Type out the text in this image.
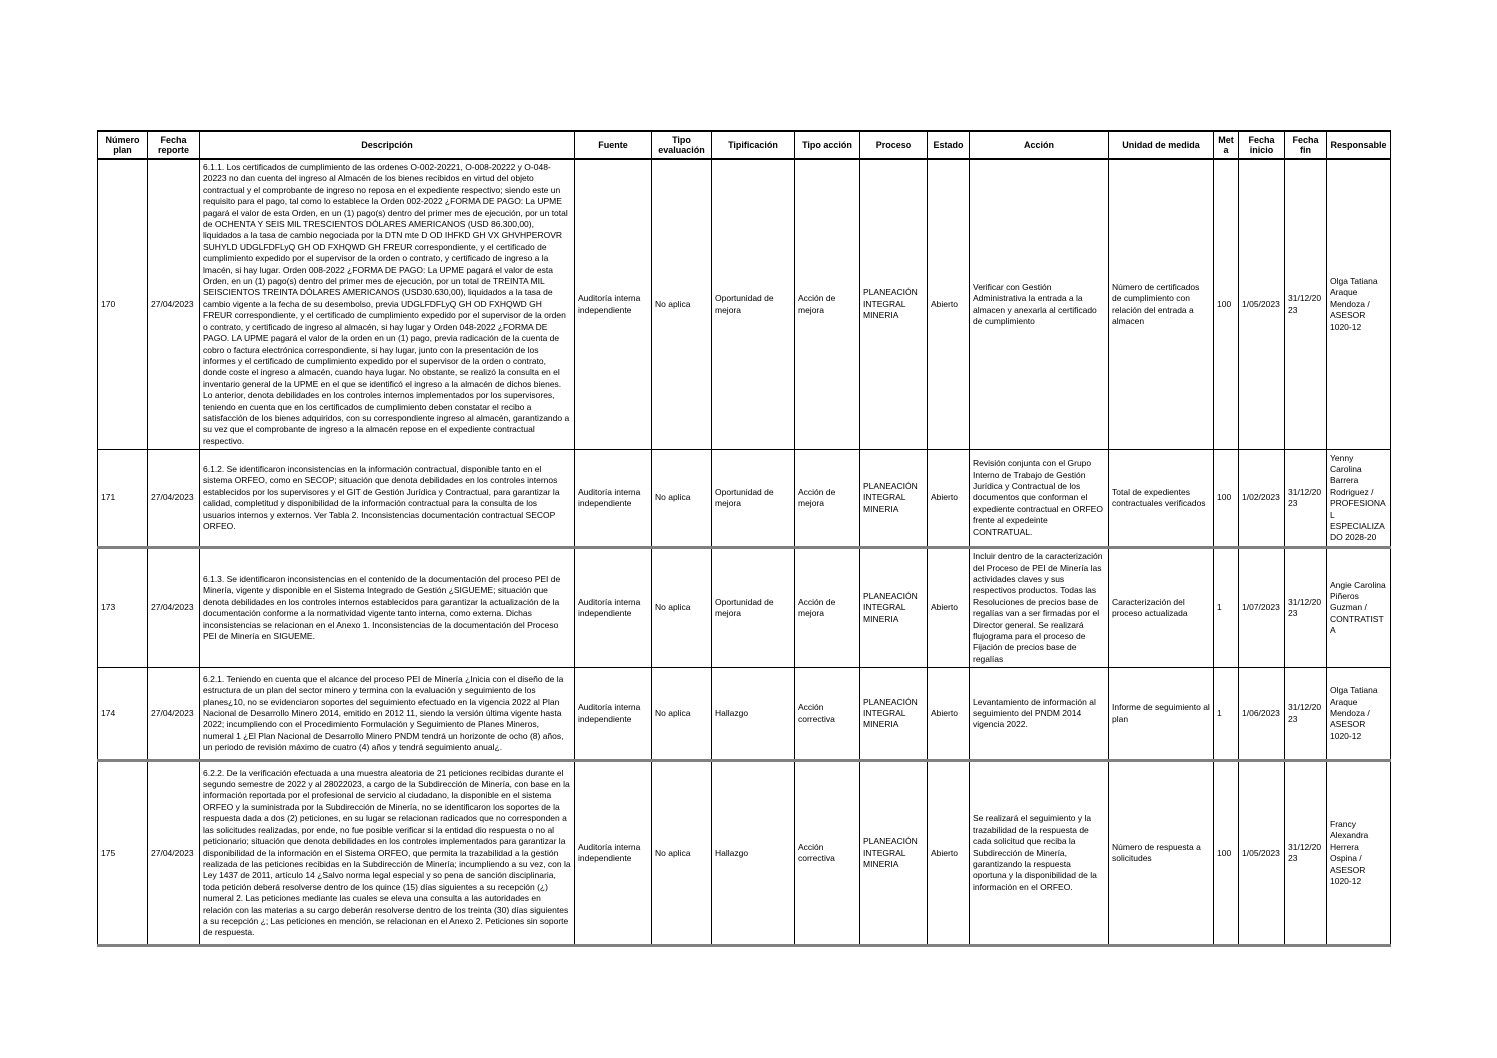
Número plan	Fecha reporte	Descripción	Fuente	Tipo evaluación	Tipificación	Tipo acción	Proceso	Estado	Acción	Unidad de medida	Meta	Fecha inicio	Fecha fin	Responsable
170	27/04/2023	6.1.1. Los certificados de cumplimiento de las ordenes O-002-20221, O-008-20222 y O-048-20223 no dan cuenta del ingreso al Almacén de los bienes recibidos en virtud del objeto contractual y el comprobante de ingreso no reposa en el expediente respectivo; siendo este un requisito para el pago, tal como lo establece la Orden 002-2022 ¿FORMA DE PAGO: La UPME pagará el valor de esta Orden, en un (1) pago(s) dentro del primer mes de ejecución, por un total de OCHENTA Y SEIS MIL TRESCIENTOS DÓLARES AMERICANOS (USD 86.300,00), liquidados a la tasa de cambio negociada por la DTN mte D OD IHFKD GH VX GHVHPEROVR SUHYLD UDGLFDFLyQ GH OD FXHQWD GH FREUR correspondiente, y el certificado de cumplimiento expedido por el supervisor de la orden o contrato, y certificado de ingreso a la lmacén, si hay lugar. Orden 008-2022 ¿FORMA DE PAGO: La UPME pagará el valor de esta Orden, en un (1) pago(s) dentro del primer mes de ejecución, por un total de TREINTA MIL SEISCIENTOS TREINTA DÓLARES AMERICANOS (USD30.630,00), liquidados a la tasa de cambio vigente a la fecha de su desembolso, previa UDGLFDFLyQ GH OD FXHQWD GH FREUR correspondiente, y el certificado de cumplimiento expedido por el supervisor de la orden o contrato, y certificado de ingreso al almacén, si hay lugar y Orden 048-2022 ¿FORMA DE PAGO. LA UPME pagará el valor de la orden en un (1) pago, previa radicación de la cuenta de cobro o factura electrónica correspondiente, si hay lugar, junto con la presentación de los informes y el certificado de cumplimiento expedido por el supervisor de la orden o contrato, donde coste el ingreso a almacén, cuando haya lugar. No obstante, se realizó la consulta en el inventario general de la UPME en el que se identificó el ingreso a la almacén de dichos bienes. Lo anterior, denota debilidades en los controles internos implementados por los supervisores, teniendo en cuenta que en los certificados de cumplimiento deben constatar el recibo a satisfacción de los bienes adquiridos, con su correspondiente ingreso al almacén, garantizando a su vez que el comprobante de ingreso a la almacén repose en el expediente contractual respectivo.	Auditoría interna independiente	No aplica	Oportunidad de mejora	Acción de mejora	PLANEACIÓN INTEGRAL MINERIA	Abierto	Verificar con Gestión Administrativa la entrada a la almacen y anexarla al certificado de cumplimiento	Número de certificados de cumplimiento con relación del entrada a almacen	100	1/05/2023	31/12/2023	Olga Tatiana Araque Mendoza / ASESOR 1020-12
171	27/04/2023	6.1.2. Se identificaron inconsistencias en la información contractual, disponible tanto en el sistema ORFEO, como en SECOP; situación que denota debilidades en los controles internos establecidos por los supervisores y el GIT de Gestión Jurídica y Contractual, para garantizar la calidad, completitud y disponibilidad de la información contractual para la consulta de los usuarios internos y externos. Ver Tabla 2. Inconsistencias documentación contractual SECOP ORFEO.	Auditoría interna independiente	No aplica	Oportunidad de mejora	Acción de mejora	PLANEACIÓN INTEGRAL MINERIA	Abierto	Revisión conjunta con el Grupo Interno de Trabajo de Gestión Jurídica y Contractual de los documentos que conforman el expediente contractual en ORFEO frente al expedeinte CONTRATUAL.	Total de expedientes contractuales verificados	100	1/02/2023	31/12/2023	Yenny Carolina Barrera Rodriguez / PROFESIONAL ESPECIALIZADO 2028-20
173	27/04/2023	6.1.3. Se identificaron inconsistencias en el contenido de la documentación del proceso PEI de Minería, vigente y disponible en el Sistema Integrado de Gestión ¿SIGUEME; situación que denota debilidades en los controles internos establecidos para garantizar la actualización de la documentación conforme a la normatividad vigente tanto interna, como externa. Dichas inconsistencias se relacionan en el Anexo 1. Inconsistencias de la documentación del Proceso PEI de Minería en SIGUEME.	Auditoría interna independiente	No aplica	Oportunidad de mejora	Acción de mejora	PLANEACIÓN INTEGRAL MINERIA	Abierto	Incluir dentro de la caracterización del Proceso de PEI de Minería las actividades claves y sus respectivos productos. Todas las Resoluciones de precios base de regalías van a ser firmadas por el Director general. Se realizará flujograma para el proceso de Fijación de precios base de regalías	Caracterización del proceso actualizada	1	1/07/2023	31/12/2023	Angie Carolina Piñeros Guzman / CONTRATISTA
174	27/04/2023	6.2.1. Teniendo en cuenta que el alcance del proceso PEI de Minería ¿Inicia con el diseño de la estructura de un plan del sector minero y termina con la evaluación y seguimiento de los planes¿10, no se evidenciaron soportes del seguimiento efectuado en la vigencia 2022 al Plan Nacional de Desarrollo Minero 2014, emitido en 2012 11, siendo la versión última vigente hasta 2022; incumpliendo con el Procedimiento Formulación y Seguimiento de Planes Mineros, numeral 1 ¿El Plan Nacional de Desarrollo Minero PNDM tendrá un horizonte de ocho (8) años, un periodo de revisión máximo de cuatro (4) años y tendrá seguimiento anual¿.	Auditoría interna independiente	No aplica	Hallazgo	Acción correctiva	PLANEACIÓN INTEGRAL MINERIA	Abierto	Levantamiento de información al seguimiento del PNDM 2014 vigencia 2022.	Informe de seguimiento al plan	1	1/06/2023	31/12/2023	Olga Tatiana Araque Mendoza / ASESOR 1020-12
175	27/04/2023	6.2.2. De la verificación efectuada a una muestra aleatoria de 21 peticiones recibidas durante el segundo semestre de 2022 y al 28022023, a cargo de la Subdirección de Minería, con base en la información reportada por el profesional de servicio al ciudadano, la disponible en el sistema ORFEO y la suministrada por la Subdirección de Minería, no se identificaron los soportes de la respuesta dada a dos (2) peticiones, en su lugar se relacionan radicados que no corresponden a las solicitudes realizadas, por ende, no fue posible verificar si la entidad dio respuesta o no al peticionario; situación que denota debilidades en los controles implementados para garantizar la disponibilidad de la información en el Sistema ORFEO, que permita la trazabilidad a la gestión realizada de las peticiones recibidas en la Subdirección de Minería; incumpliendo a su vez, con la Ley 1437 de 2011, artículo 14 ¿Salvo norma legal especial y so pena de sanción disciplinaria, toda petición deberá resolverse dentro de los quince (15) días siguientes a su recepción (¿) numeral 2. Las peticiones mediante las cuales se eleva una consulta a las autoridades en relación con las materias a su cargo deberán resolverse dentro de los treinta (30) días siguientes a su recepción ¿; Las peticiones en mención, se relacionan en el Anexo 2. Peticiones sin soporte de respuesta.	Auditoría interna independiente	No aplica	Hallazgo	Acción correctiva	PLANEACIÓN INTEGRAL MINERIA	Abierto	Se realizará el seguimiento y la trazabilidad de la respuesta de cada solicitud que reciba la Subdirección de Minería, garantizando la respuesta oportuna y la disponibilidad de la información en el ORFEO.	Número de respuesta a solicitudes	100	1/05/2023	31/12/2023	Francy Alexandra Herrera Ospina / ASESOR 1020-12
